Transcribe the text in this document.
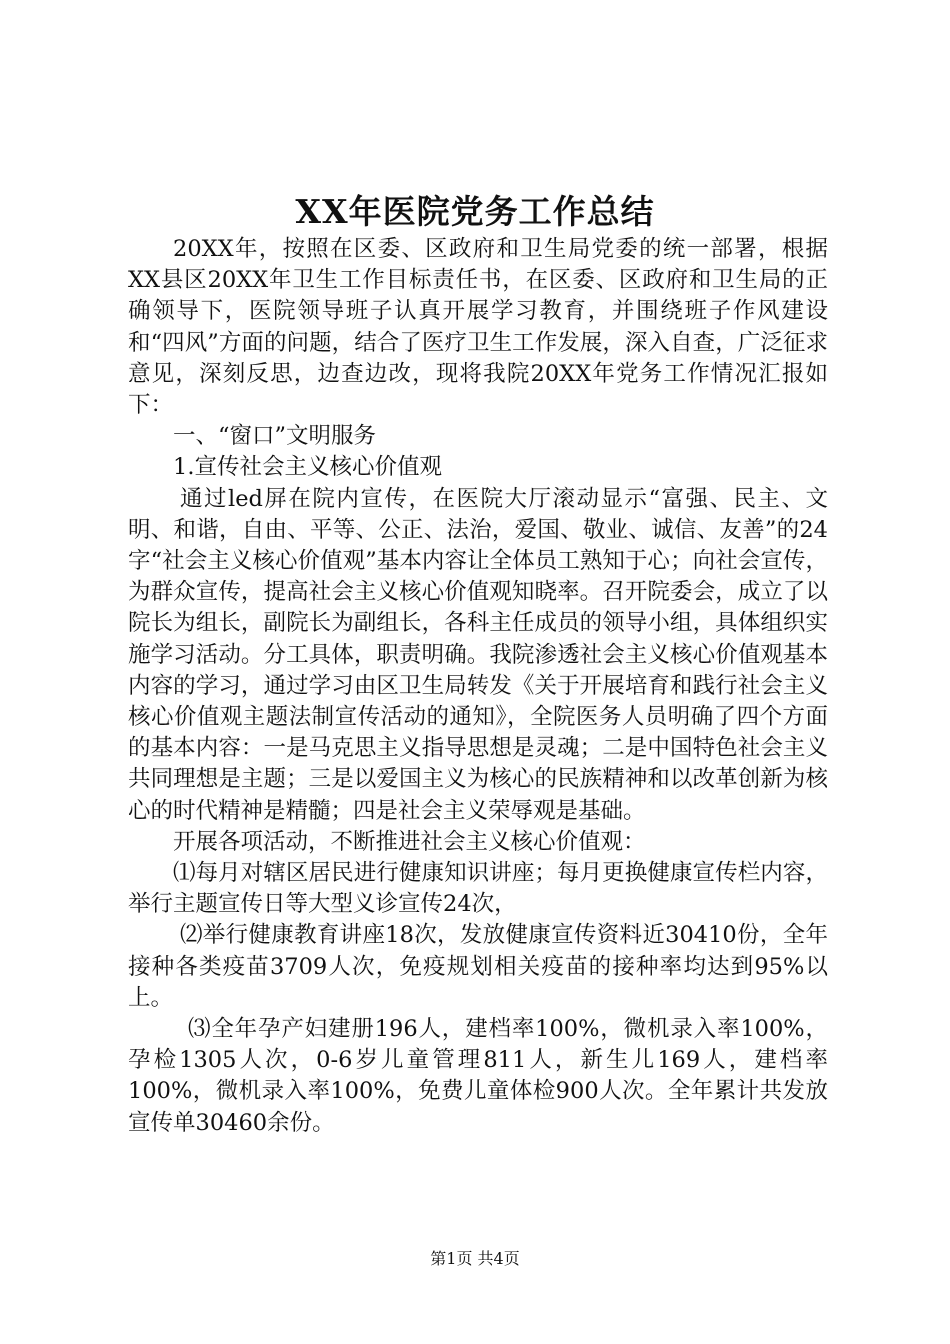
XX年医院党务工作总结

20XX年，按照在区委、区政府和卫生局党委的统一部署，根据XX县区20XX年卫生工作目标责任书，在区委、区政府和卫生局的正确领导下，医院领导班子认真开展学习教育，并围绕班子作风建设和“四风”方面的问题，结合了医疗卫生工作发展，深入自查，广泛征求意见，深刻反思，边查边改，现将我院20XX年党务工作情况汇报如下：

一、“窗口”文明服务

1.宣传社会主义核心价值观

通过led屏在院内宣传，在医院大厅滚动显示“富强、民主、文明、和谐，自由、平等、公正、法治，爱国、敬业、诚信、友善”的24字“社会主义核心价值观”基本内容让全体员工熟知于心；向社会宣传，为群众宣传，提高社会主义核心价值观知晓率。召开院委会，成立了以院长为组长，副院长为副组长，各科主任成员的领导小组，具体组织实施学习活动。分工具体，职责明确。我院渗透社会主义核心价值观基本内容的学习，通过学习由区卫生局转发《关于开展培育和践行社会主义核心价值观主题法制宣传活动的通知》，全院医务人员明确了四个方面的基本内容：一是马克思主义指导思想是灵魂；二是中国特色社会主义共同理想是主题；三是以爱国主义为核心的民族精神和以改革创新为核心的时代精神是精髓；四是社会主义荣辱观是基础。

开展各项活动，不断推进社会主义核心价值观：

⑴每月对辖区居民进行健康知识讲座；每月更换健康宣传栏内容，举行主题宣传日等大型义诊宣传24次，

⑵举行健康教育讲座18次，发放健康宣传资料近30410份，全年接种各类疫苗3709人次，免疫规划相关疫苗的接种率均达到95%以上。

⑶全年孕产妇建册196人，建档率100%，微机录入率100%，孕检1305人次，0-6岁儿童管理811人，新生儿169人，建档率100%，微机录入率100%，免费儿童体检900人次。全年累计共发放宣传单30460余份。

第1页 共4页
